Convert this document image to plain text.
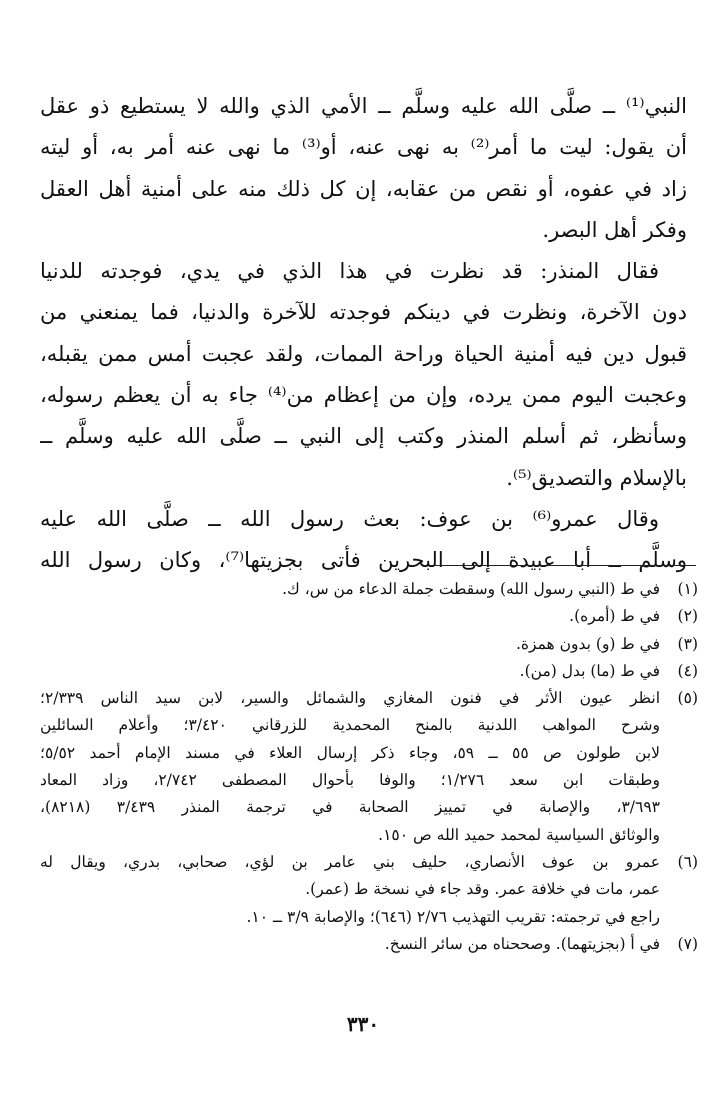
النبي⁽¹⁾ ــ صلَّى الله عليه وسلَّم ــ الأمي الذي والله لا يستطيع ذو عقل
أن يقول: ليت ما أمر⁽²⁾ به نهى عنه، أو⁽³⁾ ما نهى عنه أمر به، أو ليته
زاد في عفوه، أو نقص من عقابه، إن كل ذلك منه على أمنية أهل العقل
وفكر أهل البصر.
فقال المنذر: قد نظرت في هذا الذي في يدي، فوجدته للدنيا
دون الآخرة، ونظرت في دينكم فوجدته للآخرة والدنيا، فما يمنعني من
قبول دين فيه أمنية الحياة وراحة الممات، ولقد عجبت أمس ممن يقبله،
وعجبت اليوم ممن يرده، وإن من إعظام من⁽⁴⁾ جاء به أن يعظم رسوله،
وسأنظر، ثم أسلم المنذر وكتب إلى النبي ــ صلَّى الله عليه وسلَّم ــ
بالإسلام والتصديق⁽⁵⁾.
وقال عمرو⁽⁶⁾ بن عوف: بعث رسول الله ــ صلَّى الله عليه
وسلَّم ــ أبا عبيدة إلى البحرين فأتى بجزيتها⁽⁷⁾، وكان رسول الله
(١)
في ط (النبي رسول الله) وسقطت جملة الدعاء من س، ك.
(٢)
في ط (أمره).
(٣)
في ط (و) بدون همزة.
(٤)
في ط (ما) بدل (من).
(٥)
انظر عيون الأثر في فنون المغازي والشمائل والسير، لابن سيد الناس ٢/٣٣٩؛
وشرح المواهب اللدنية بالمنح المحمدية للزرقاني ٣/٤٢٠؛ وأعلام السائلين
لابن طولون ص ٥٥ ــ ٥٩، وجاء ذكر إرسال العلاء في مسند الإمام أحمد ٥/٥٢؛
وطبقات ابن سعد ١/٢٧٦؛ والوفا بأحوال المصطفى ٢/٧٤٢، وزاد المعاد
٣/٦٩٣، والإصابة في تمييز الصحابة في ترجمة المنذر ٣/٤٣٩ (٨٢١٨)،
والوثائق السياسية لمحمد حميد الله ص ١٥٠.
(٦)
عمرو بن عوف الأنصاري، حليف بني عامر بن لؤي، صحابي، بدري، ويقال له
عمر، مات في خلافة عمر. وقد جاء في نسخة ط (عمر).
راجع في ترجمته: تقريب التهذيب ٢/٧٦ (٦٤٦)؛ والإصابة ٣/٩ ــ ١٠.
(٧)
في أ (بجزيتهما). وصححناه من سائر النسخ.
٣٣٠
